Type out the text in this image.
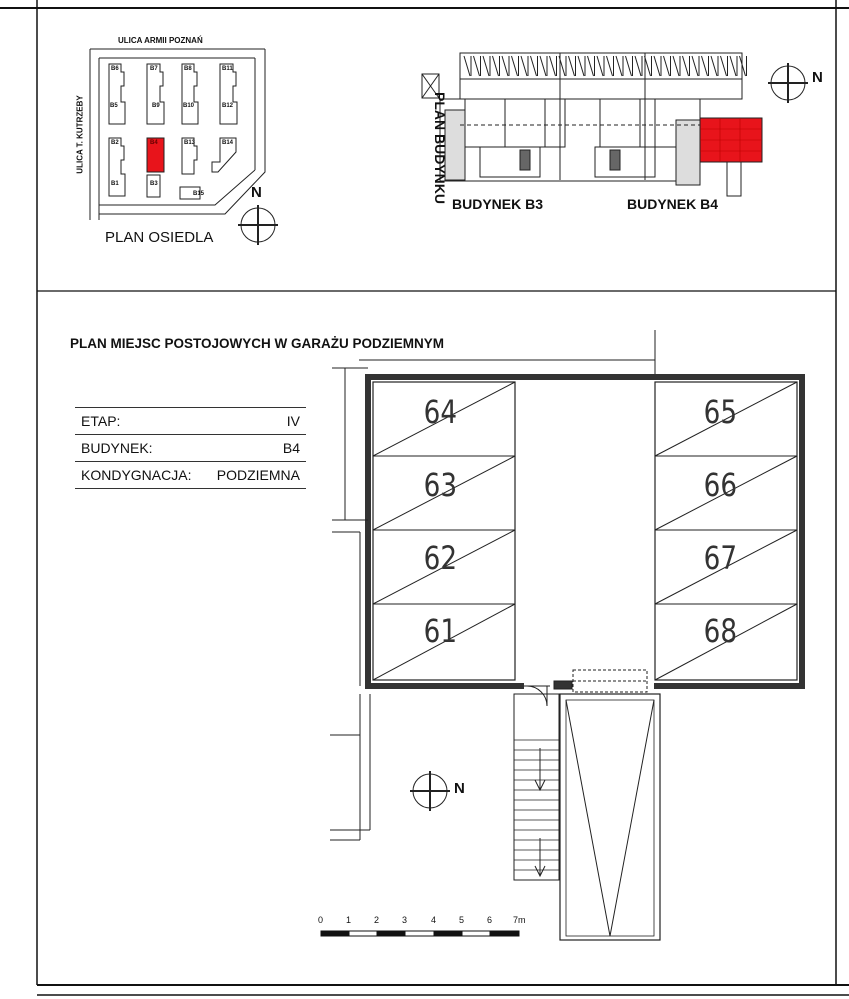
ULICA ARMII POZNAŃ
ULICA T. KUTRZEBY
PLAN OSIEDLA
N
B6	B7	B8	B11
B2	B4	B13	B14
B5	B9	B10	B12
B1	B3
B15	PLAN BUDYNKU BUDYNEK B3	BUDYNEK B4
N
PLAN MIEJSC POSTOJOWYCH W GARAŻU PODZIEMNYM
ETAP:	IV
BUDYNEK:	B4
KONDYGNACJA:	PODZIEMNA
64
63
62
61
65
66
67
68
N
0	1	2	3	4	5	6 7m
